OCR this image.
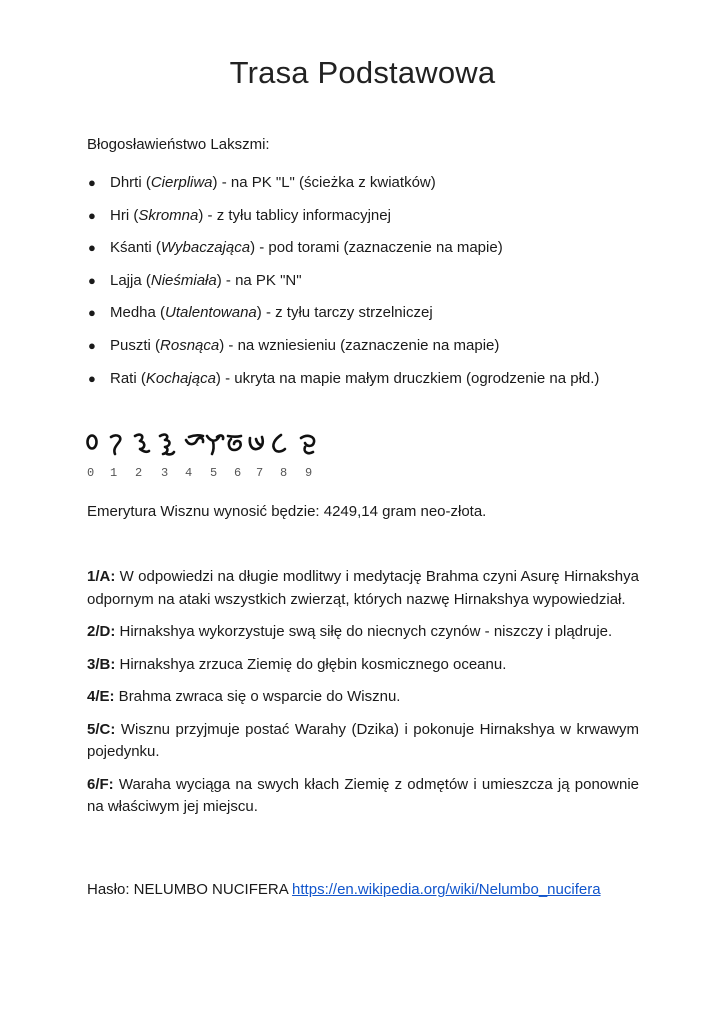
Trasa Podstawowa
Błogosławieństwo Lakszmi:
● Dhrti (Cierpliwa) - na PK "L" (ścieżka z kwiatków)
● Hri (Skromna) - z tyłu tablicy informacyjnej
● Kśanti (Wybaczająca) - pod torami (zaznaczenie na mapie)
● Lajja (Nieśmiała) - na PK "N"
● Medha (Utalentowana) - z tyłu tarczy strzelniczej
● Puszti (Rosnąca) - na wzniesieniu (zaznaczenie na mapie)
● Rati (Kochająca) - ukryta na mapie małym druczkiem (ogrodzenie na płd.)
0 1 2 3 4 5 6 7 8 9
Emerytura Wisznu wynosić będzie: 4249,14 gram neo-złota.

1/A: W odpowiedzi na długie modlitwy i medytację Brahma czyni Asurę Hirnakshya odpornym na ataki wszystkich zwierząt, których nazwę Hirnakshya wypowiedział.

2/D: Hirnakshya wykorzystuje swą siłę do niecnych czynów - niszczy i plądruje.

3/B: Hirnakshya zrzuca Ziemię do głębin kosmicznego oceanu.

4/E: Brahma zwraca się o wsparcie do Wisznu.

5/C: Wisznu przyjmuje postać Warahy (Dzika) i pokonuje Hirnakshya w krwawym pojedynku.

6/F: Waraha wyciąga na swych kłach Ziemię z odmętów i umieszcza ją ponownie na właściwym jej miejscu.

Hasło: NELUMBO NUCIFERA https://en.wikipedia.org/wiki/Nelumbo_nucifera
